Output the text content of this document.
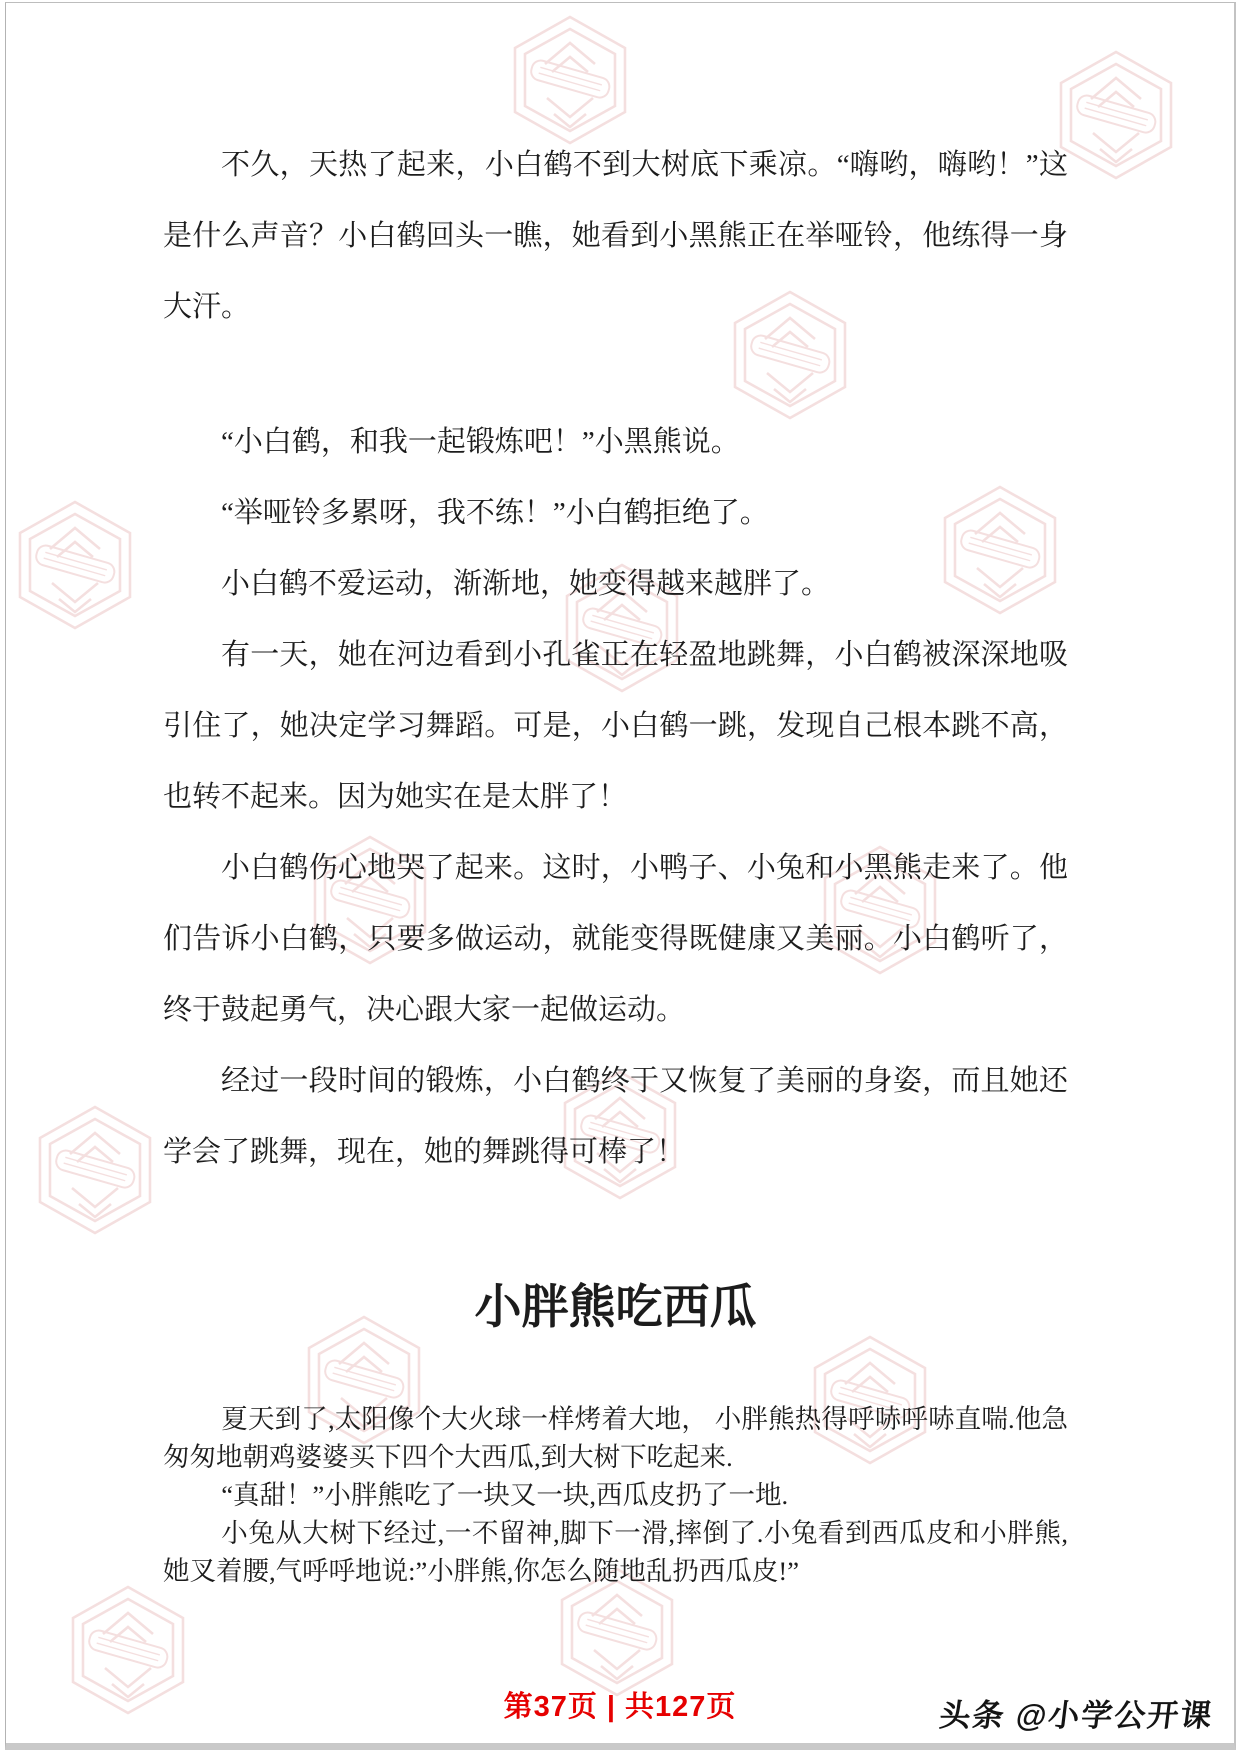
不久，天热了起来，小白鹤不到大树底下乘凉。“嗨哟，嗨哟！”这是什么声音？小白鹤回头一瞧，她看到小黑熊正在举哑铃，他练得一身大汗。

“小白鹤，和我一起锻炼吧！”小黑熊说。

“举哑铃多累呀，我不练！”小白鹤拒绝了。

小白鹤不爱运动，渐渐地，她变得越来越胖了。

有一天，她在河边看到小孔雀正在轻盈地跳舞，小白鹤被深深地吸引住了，她决定学习舞蹈。可是，小白鹤一跳，发现自己根本跳不高，也转不起来。因为她实在是太胖了！

小白鹤伤心地哭了起来。这时，小鸭子、小兔和小黑熊走来了。他们告诉小白鹤，只要多做运动，就能变得既健康又美丽。小白鹤听了，终于鼓起勇气，决心跟大家一起做运动。

经过一段时间的锻炼，小白鹤终于又恢复了美丽的身姿，而且她还学会了跳舞，现在，她的舞跳得可棒了！

小胖熊吃西瓜

夏天到了,太阳像个大火球一样烤着大地， 小胖熊热得呼哧呼哧直喘.他急匆匆地朝鸡婆婆买下四个大西瓜,到大树下吃起来.

“真甜！”小胖熊吃了一块又一块,西瓜皮扔了一地.

小兔从大树下经过,一不留神,脚下一滑,摔倒了.小兔看到西瓜皮和小胖熊,她叉着腰,气呼呼地说:”小胖熊,你怎么随地乱扔西瓜皮!”

第37页 | 共127页	头条 @小学公开课
